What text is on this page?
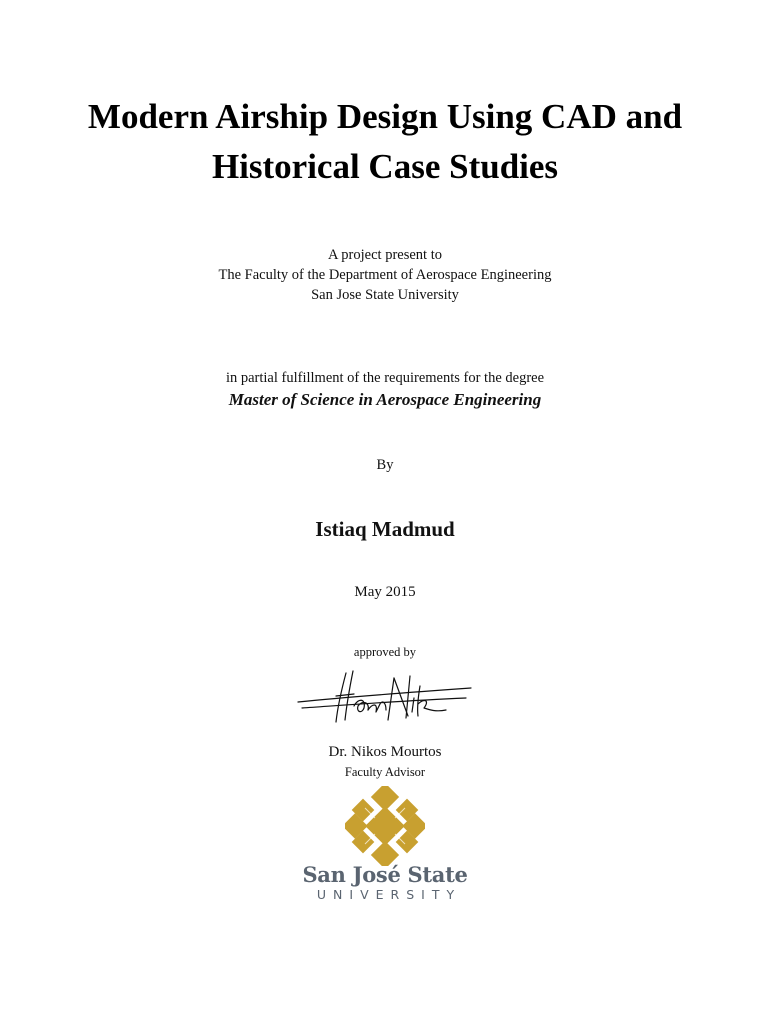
Modern Airship Design Using CAD and
Historical Case Studies
A project present to
The Faculty of the Department of Aerospace Engineering
San Jose State University
in partial fulfillment of the requirements for the degree
Master of Science in Aerospace Engineering
By
Istiaq Madmud
May 2015
approved by
Dr. Nikos Mourtos
Faculty Advisor
San José State
UNIVERSITY
